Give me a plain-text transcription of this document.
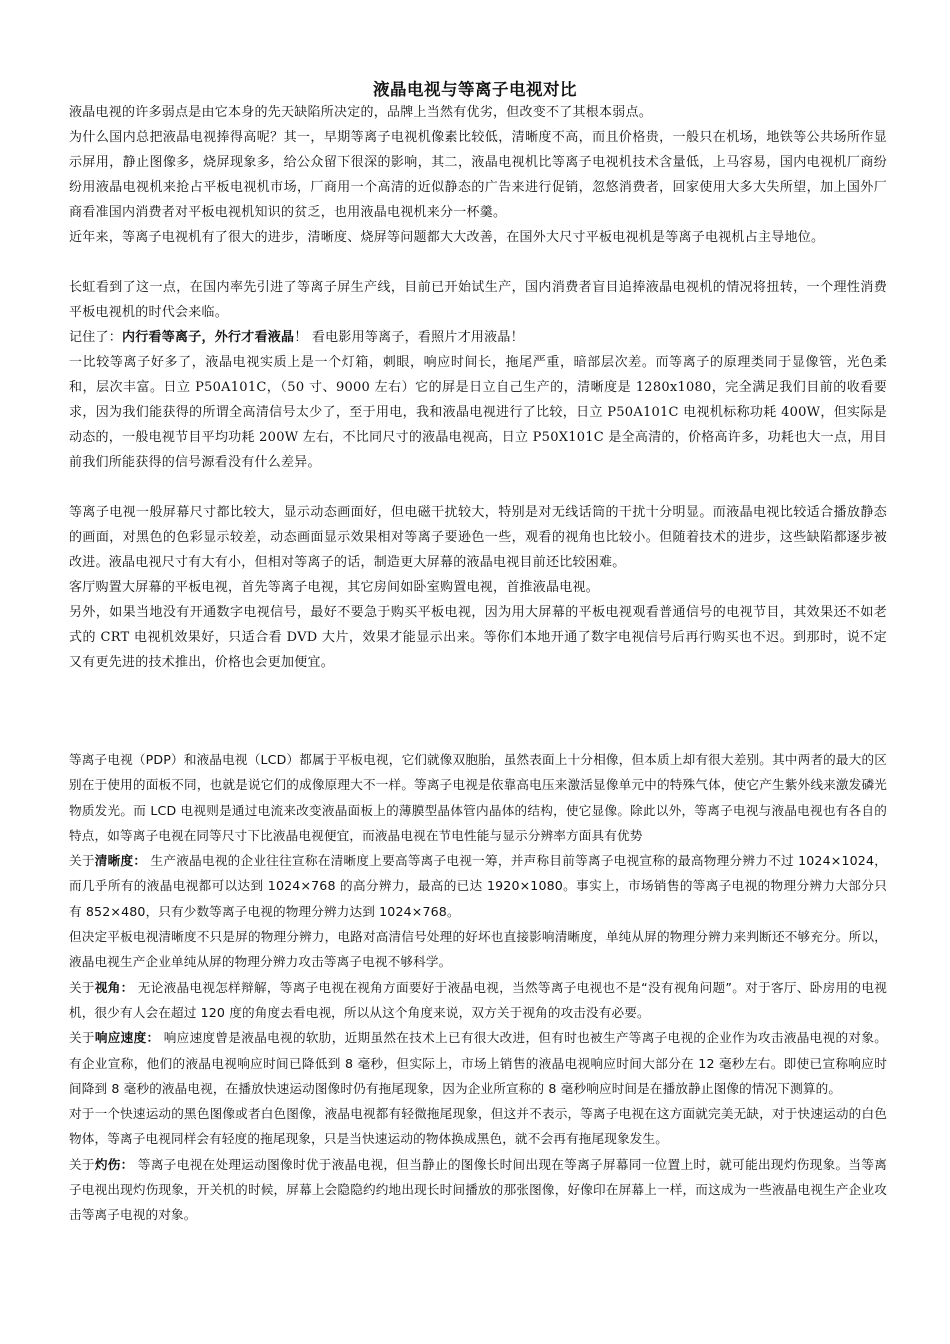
液晶电视与等离子电视对比

液晶电视的许多弱点是由它本身的先天缺陷所决定的，品牌上当然有优劣，但改变不了其根本弱点。

为什么国内总把液晶电视捧得高呢？其一，早期等离子电视机像素比较低，清晰度不高，而且价格贵，一般只在机场，地铁等公共场所作显示屏用，静止图像多，烧屏现象多，给公众留下很深的影响，其二，液晶电视机比等离子电视机技术含量低，上马容易，国内电视机厂商纷纷用液晶电视机来抢占平板电视机市场，厂商用一个高清的近似静态的广告来进行促销，忽悠消费者，回家使用大多大失所望，加上国外厂商看准国内消费者对平板电视机知识的贫乏，也用液晶电视机来分一杯羹。

近年来，等离子电视机有了很大的进步，清晰度、烧屏等问题都大大改善，在国外大尺寸平板电视机是等离子电视机占主导地位。

长虹看到了这一点，在国内率先引进了等离子屏生产线，目前已开始试生产，国内消费者盲目追捧液晶电视机的情况将扭转，一个理性消费平板电视机的时代会来临。

记住了：内行看等离子，外行才看液晶！ 看电影用等离子，看照片才用液晶！

一比较等离子好多了，液晶电视实质上是一个灯箱，刺眼，响应时间长，拖尾严重，暗部层次差。而等离子的原理类同于显像管，光色柔和，层次丰富。日立 P50A101C，（50 寸、9000 左右）它的屏是日立自己生产的，清晰度是 1280x1080，完全满足我们目前的收看要求，因为我们能获得的所谓全高清信号太少了，至于用电，我和液晶电视进行了比较，日立 P50A101C 电视机标称功耗 400W，但实际是动态的，一般电视节目平均功耗 200W 左右，不比同尺寸的液晶电视高，日立 P50X101C 是全高清的，价格高许多，功耗也大一点，用目前我们所能获得的信号源看没有什么差异。

等离子电视一般屏幕尺寸都比较大，显示动态画面好，但电磁干扰较大，特别是对无线话筒的干扰十分明显。而液晶电视比较适合播放静态的画面，对黑色的色彩显示较差，动态画面显示效果相对等离子要逊色一些，观看的视角也比较小。但随着技术的进步，这些缺陷都逐步被改进。液晶电视尺寸有大有小，但相对等离子的话，制造更大屏幕的液晶电视目前还比较困难。

客厅购置大屏幕的平板电视，首先等离子电视，其它房间如卧室购置电视，首推液晶电视。

另外，如果当地没有开通数字电视信号，最好不要急于购买平板电视，因为用大屏幕的平板电视观看普通信号的电视节目，其效果还不如老式的 CRT 电视机效果好，只适合看 DVD 大片，效果才能显示出来。等你们本地开通了数字电视信号后再行购买也不迟。到那时，说不定又有更先进的技术推出，价格也会更加便宜。

等离子电视（PDP）和液晶电视（LCD）都属于平板电视，它们就像双胞胎，虽然表面上十分相像，但本质上却有很大差别。其中两者的最大的区别在于使用的面板不同，也就是说它们的成像原理大不一样。等离子电视是依靠高电压来激活显像单元中的特殊气体，使它产生紫外线来激发磷光物质发光。而 LCD 电视则是通过电流来改变液晶面板上的薄膜型晶体管内晶体的结构，使它显像。除此以外，等离子电视与液晶电视也有各自的特点，如等离子电视在同等尺寸下比液晶电视便宜，而液晶电视在节电性能与显示分辨率方面具有优势

关于清晰度： 生产液晶电视的企业往往宣称在清晰度上要高等离子电视一筹，并声称目前等离子电视宣称的最高物理分辨力不过 1024×1024，而几乎所有的液晶电视都可以达到 1024×768 的高分辨力，最高的已达 1920×1080。事实上，市场销售的等离子电视的物理分辨力大部分只有 852×480，只有少数等离子电视的物理分辨力达到 1024×768。

但决定平板电视清晰度不只是屏的物理分辨力，电路对高清信号处理的好坏也直接影响清晰度，单纯从屏的物理分辨力来判断还不够充分。所以，液晶电视生产企业单纯从屏的物理分辨力攻击等离子电视不够科学。

关于视角： 无论液晶电视怎样辩解，等离子电视在视角方面要好于液晶电视，当然等离子电视也不是“没有视角问题”。对于客厅、卧房用的电视机，很少有人会在超过 120 度的角度去看电视，所以从这个角度来说，双方关于视角的攻击没有必要。

关于响应速度： 响应速度曾是液晶电视的软肋，近期虽然在技术上已有很大改进，但有时也被生产等离子电视的企业作为攻击液晶电视的对象。有企业宣称，他们的液晶电视响应时间已降低到 8 毫秒，但实际上，市场上销售的液晶电视响应时间大部分在 12 毫秒左右。即使已宣称响应时间降到 8 毫秒的液晶电视，在播放快速运动图像时仍有拖尾现象，因为企业所宣称的 8 毫秒响应时间是在播放静止图像的情况下测算的。

对于一个快速运动的黑色图像或者白色图像，液晶电视都有轻微拖尾现象，但这并不表示，等离子电视在这方面就完美无缺，对于快速运动的白色物体，等离子电视同样会有轻度的拖尾现象，只是当快速运动的物体换成黑色，就不会再有拖尾现象发生。

关于灼伤： 等离子电视在处理运动图像时优于液晶电视，但当静止的图像长时间出现在等离子屏幕同一位置上时，就可能出现灼伤现象。当等离子电视出现灼伤现象，开关机的时候，屏幕上会隐隐约约地出现长时间播放的那张图像，好像印在屏幕上一样，而这成为一些液晶电视生产企业攻击等离子电视的对象。
